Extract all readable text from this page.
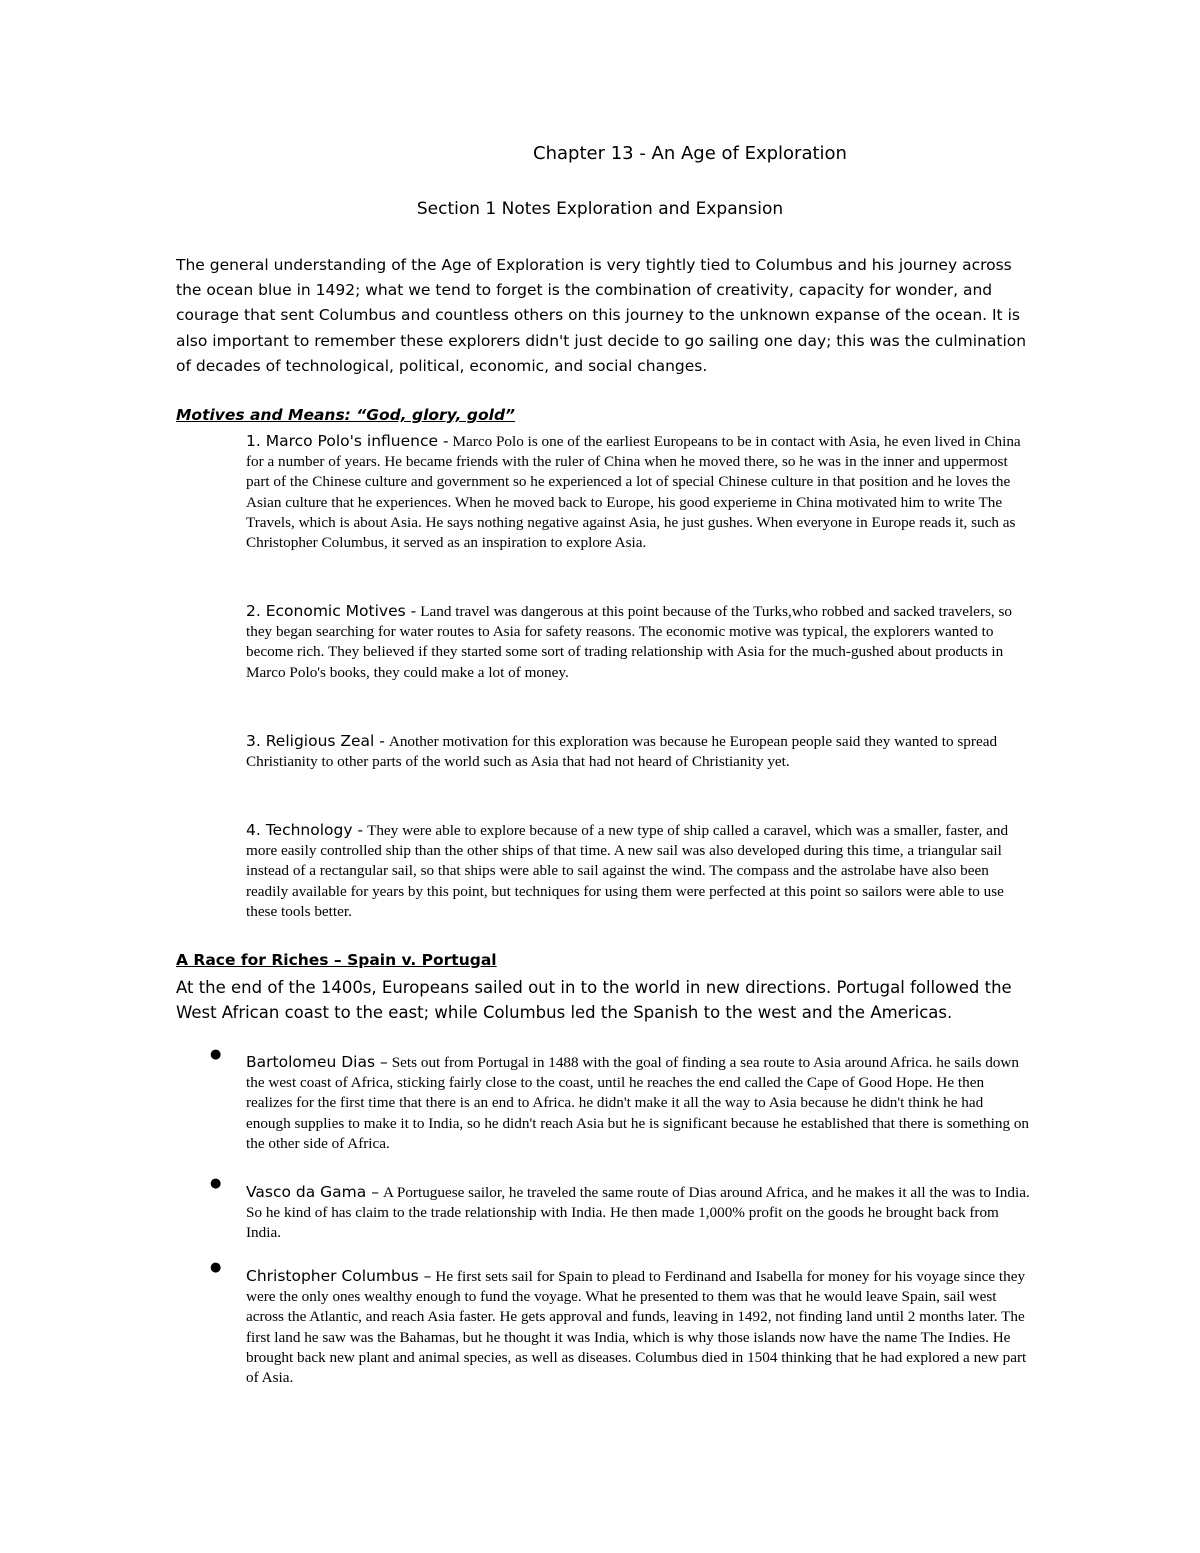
Chapter 13 - An Age of Exploration
Section 1 Notes Exploration and Expansion

The general understanding of the Age of Exploration is very tightly tied to Columbus and his journey across the ocean blue in 1492; what we tend to forget is the combination of creativity, capacity for wonder, and courage that sent Columbus and countless others on this journey to the unknown expanse of the ocean. It is also important to remember these explorers didn't just decide to go sailing one day; this was the culmination of decades of technological, political, economic, and social changes.

Motives and Means: “God, glory, gold”

1. Marco Polo's influence - Marco Polo is one of the earliest Europeans to be in contact with Asia, he even lived in China for a number of years. He became friends with the ruler of China when he moved there, so he was in the inner and uppermost part of the Chinese culture and government so he experienced a lot of special Chinese culture in that position and he loves the Asian culture that he experiences. When he moved back to Europe, his good experieme in China motivated him to write The Travels, which is about Asia. He says nothing negative against Asia, he just gushes. When everyone in Europe reads it, such as Christopher Columbus, it served as an inspiration to explore Asia.

2. Economic Motives - Land travel was dangerous at this point because of the Turks,who robbed and sacked travelers, so they began searching for water routes to Asia for safety reasons. The economic motive was typical, the explorers wanted to become rich. They believed if they started some sort of trading relationship with Asia for the much-gushed about products in Marco Polo's books, they could make a lot of money.

3. Religious Zeal - Another motivation for this exploration was because he European people said they wanted to spread Christianity to other parts of the world such as Asia that had not heard of Christianity yet.

4. Technology - They were able to explore because of a new type of ship called a caravel, which was a smaller, faster, and more easily controlled ship than the other ships of that time. A new sail was also developed during this time, a triangular sail instead of a rectangular sail, so that ships were able to sail against the wind. The compass and the astrolabe have also been readily available for years by this point, but techniques for using them were perfected at this point so sailors were able to use these tools better.

A Race for Riches – Spain v. Portugal

At the end of the 1400s, Europeans sailed out in to the world in new directions. Portugal followed the West African coast to the east; while Columbus led the Spanish to the west and the Americas.

● Bartolomeu Dias – Sets out from Portugal in 1488 with the goal of finding a sea route to Asia around Africa. he sails down the west coast of Africa, sticking fairly close to the coast, until he reaches the end called the Cape of Good Hope. He then realizes for the first time that there is an end to Africa. he didn't make it all the way to Asia because he didn't think he had enough supplies to make it to India, so he didn't reach Asia but he is significant because he established that there is something on the other side of Africa.

● Vasco da Gama – A Portuguese sailor, he traveled the same route of Dias around Africa, and he makes it all the was to India. So he kind of has claim to the trade relationship with India. He then made 1,000% profit on the goods he brought back from India.

● Christopher Columbus – He first sets sail for Spain to plead to Ferdinand and Isabella for money for his voyage since they were the only ones wealthy enough to fund the voyage. What he presented to them was that he would leave Spain, sail west across the Atlantic, and reach Asia faster. He gets approval and funds, leaving in 1492, not finding land until 2 months later. The first land he saw was the Bahamas, but he thought it was India, which is why those islands now have the name The Indies. He brought back new plant and animal species, as well as diseases. Columbus died in 1504 thinking that he had explored a new part of Asia.
